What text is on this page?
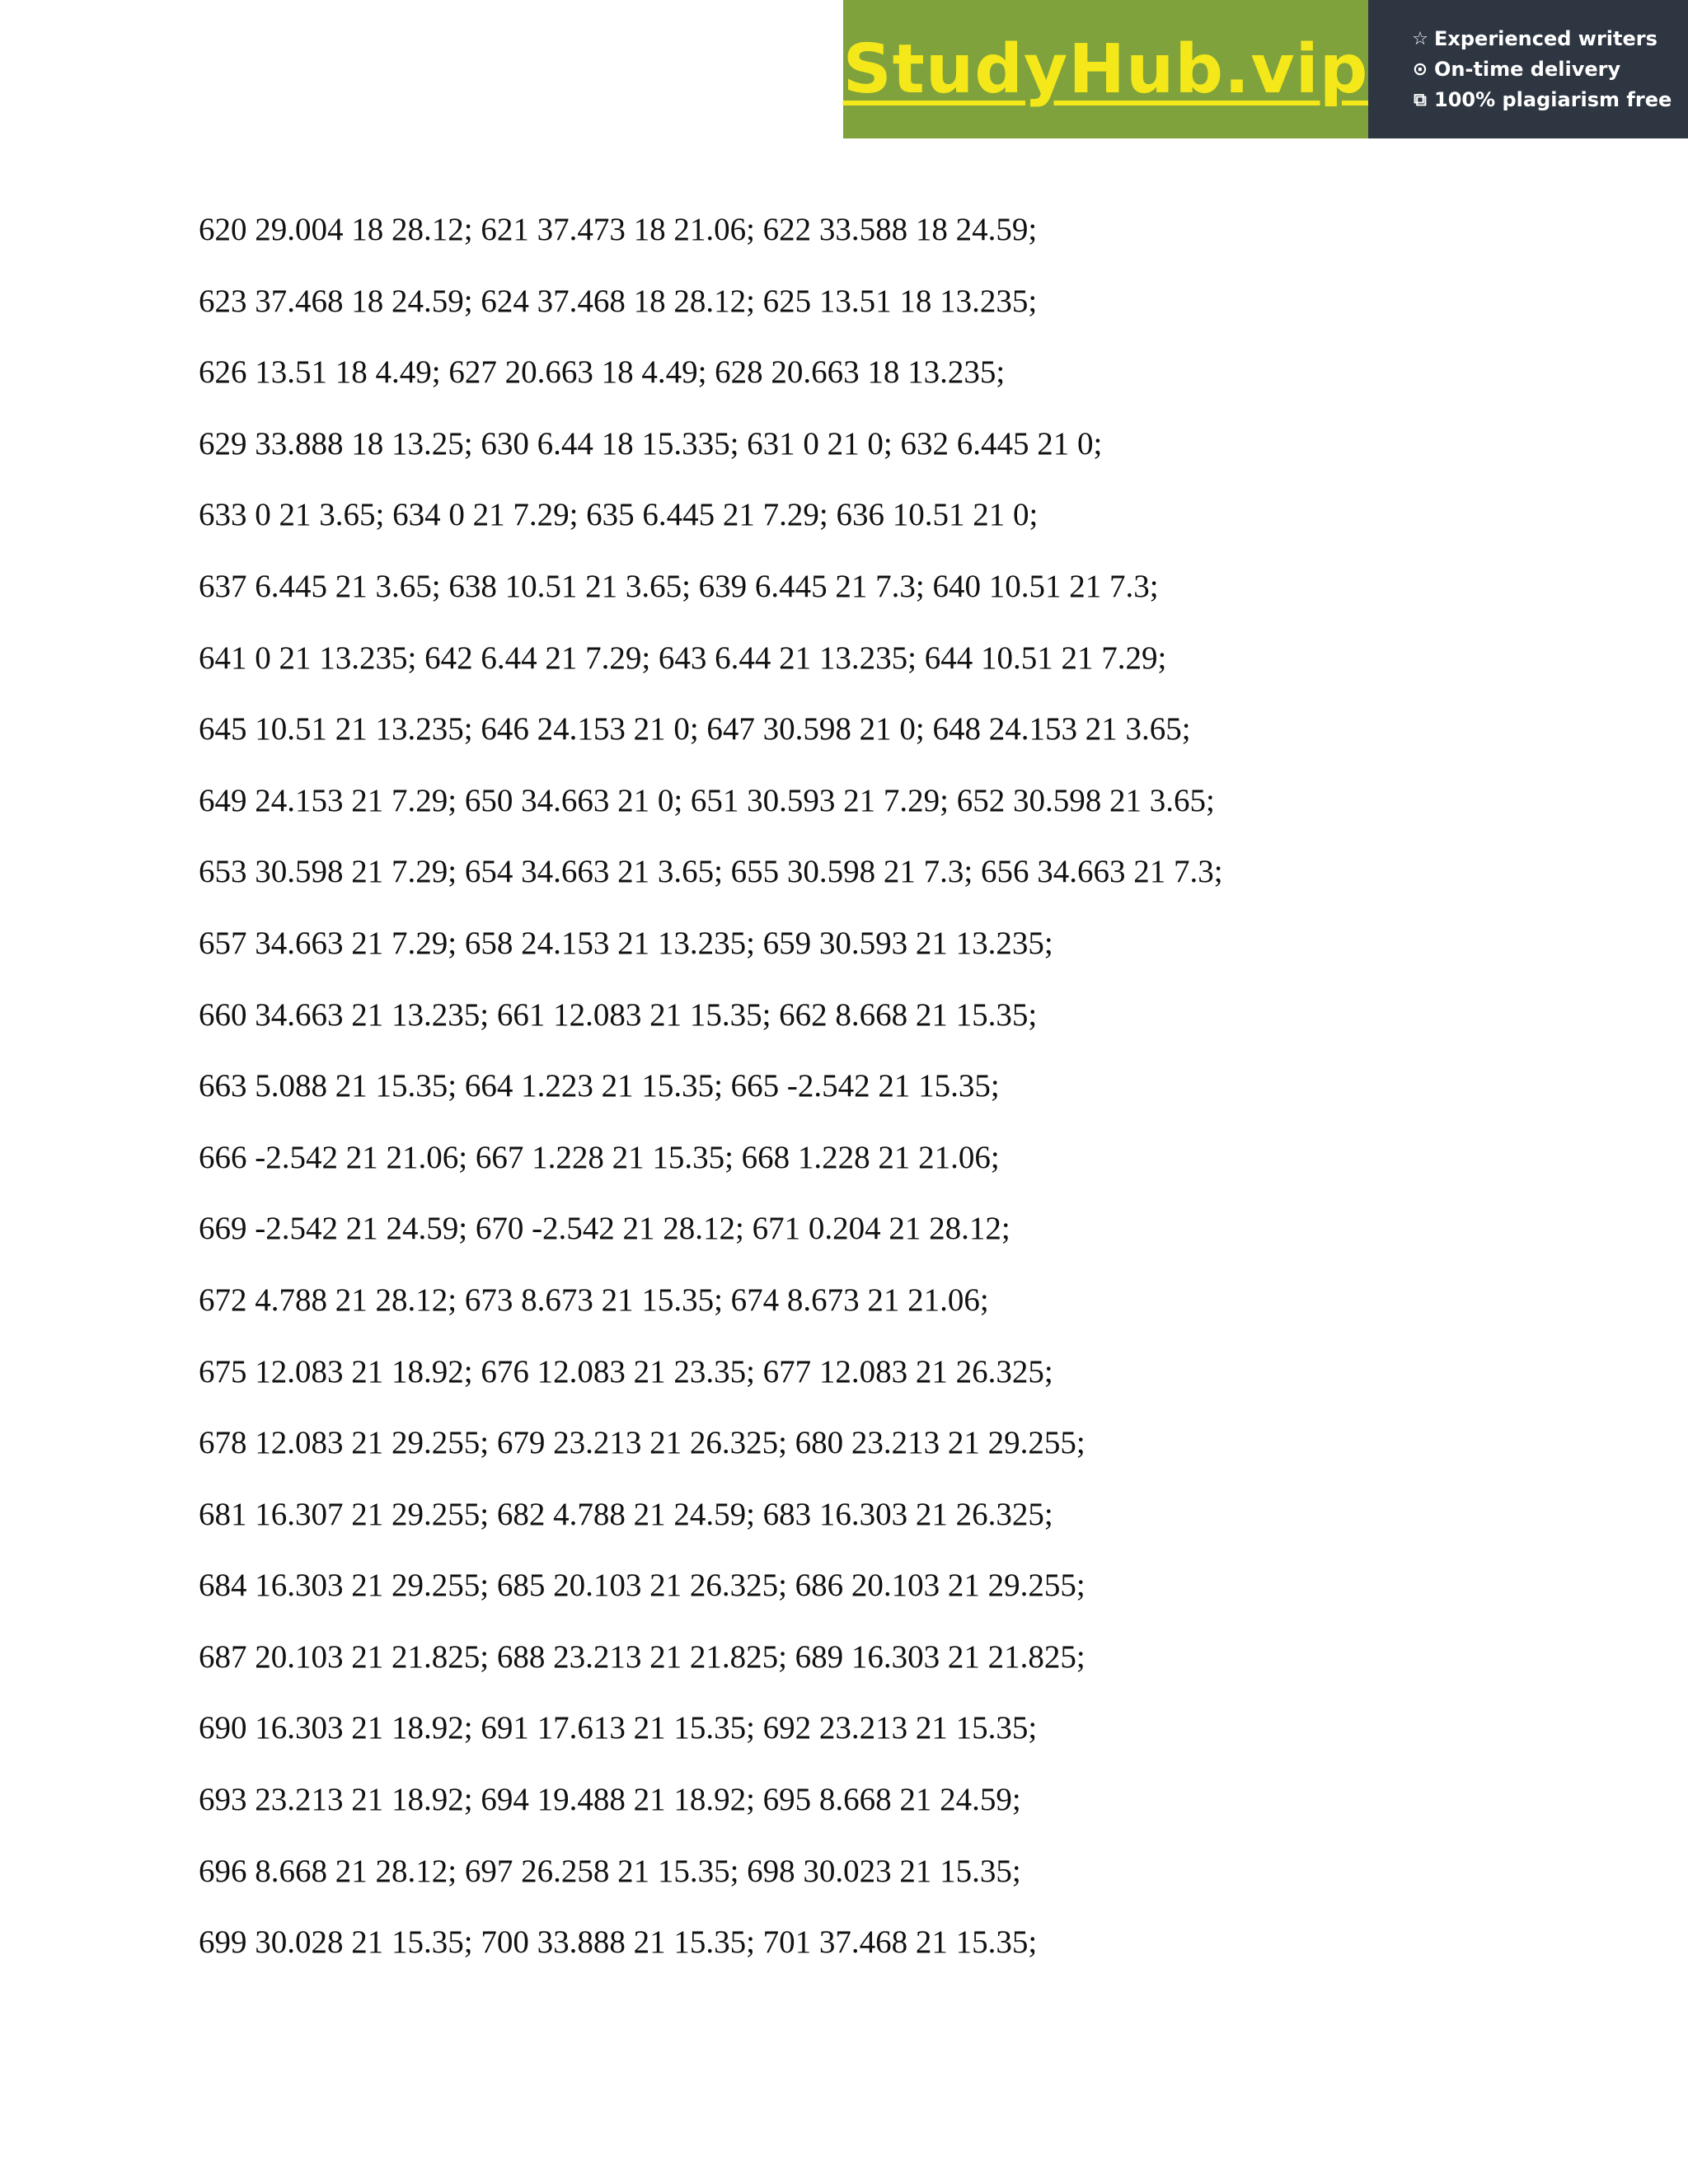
StudyHub.vip ☆ Experienced writers
⊙ On-time delivery
⧉ 100% plagiarism free
620 29.004 18 28.12; 621 37.473 18 21.06; 622 33.588 18 24.59;
623 37.468 18 24.59; 624 37.468 18 28.12; 625 13.51 18 13.235;
626 13.51 18 4.49; 627 20.663 18 4.49; 628 20.663 18 13.235;
629 33.888 18 13.25; 630 6.44 18 15.335; 631 0 21 0; 632 6.445 21 0;
633 0 21 3.65; 634 0 21 7.29; 635 6.445 21 7.29; 636 10.51 21 0;
637 6.445 21 3.65; 638 10.51 21 3.65; 639 6.445 21 7.3; 640 10.51 21 7.3;
641 0 21 13.235; 642 6.44 21 7.29; 643 6.44 21 13.235; 644 10.51 21 7.29;
645 10.51 21 13.235; 646 24.153 21 0; 647 30.598 21 0; 648 24.153 21 3.65;
649 24.153 21 7.29; 650 34.663 21 0; 651 30.593 21 7.29; 652 30.598 21 3.65;
653 30.598 21 7.29; 654 34.663 21 3.65; 655 30.598 21 7.3; 656 34.663 21 7.3;
657 34.663 21 7.29; 658 24.153 21 13.235; 659 30.593 21 13.235;
660 34.663 21 13.235; 661 12.083 21 15.35; 662 8.668 21 15.35;
663 5.088 21 15.35; 664 1.223 21 15.35; 665 -2.542 21 15.35;
666 -2.542 21 21.06; 667 1.228 21 15.35; 668 1.228 21 21.06;
669 -2.542 21 24.59; 670 -2.542 21 28.12; 671 0.204 21 28.12;
672 4.788 21 28.12; 673 8.673 21 15.35; 674 8.673 21 21.06;
675 12.083 21 18.92; 676 12.083 21 23.35; 677 12.083 21 26.325;
678 12.083 21 29.255; 679 23.213 21 26.325; 680 23.213 21 29.255;
681 16.307 21 29.255; 682 4.788 21 24.59; 683 16.303 21 26.325;
684 16.303 21 29.255; 685 20.103 21 26.325; 686 20.103 21 29.255;
687 20.103 21 21.825; 688 23.213 21 21.825; 689 16.303 21 21.825;
690 16.303 21 18.92; 691 17.613 21 15.35; 692 23.213 21 15.35;
693 23.213 21 18.92; 694 19.488 21 18.92; 695 8.668 21 24.59;
696 8.668 21 28.12; 697 26.258 21 15.35; 698 30.023 21 15.35;
699 30.028 21 15.35; 700 33.888 21 15.35; 701 37.468 21 15.35;
